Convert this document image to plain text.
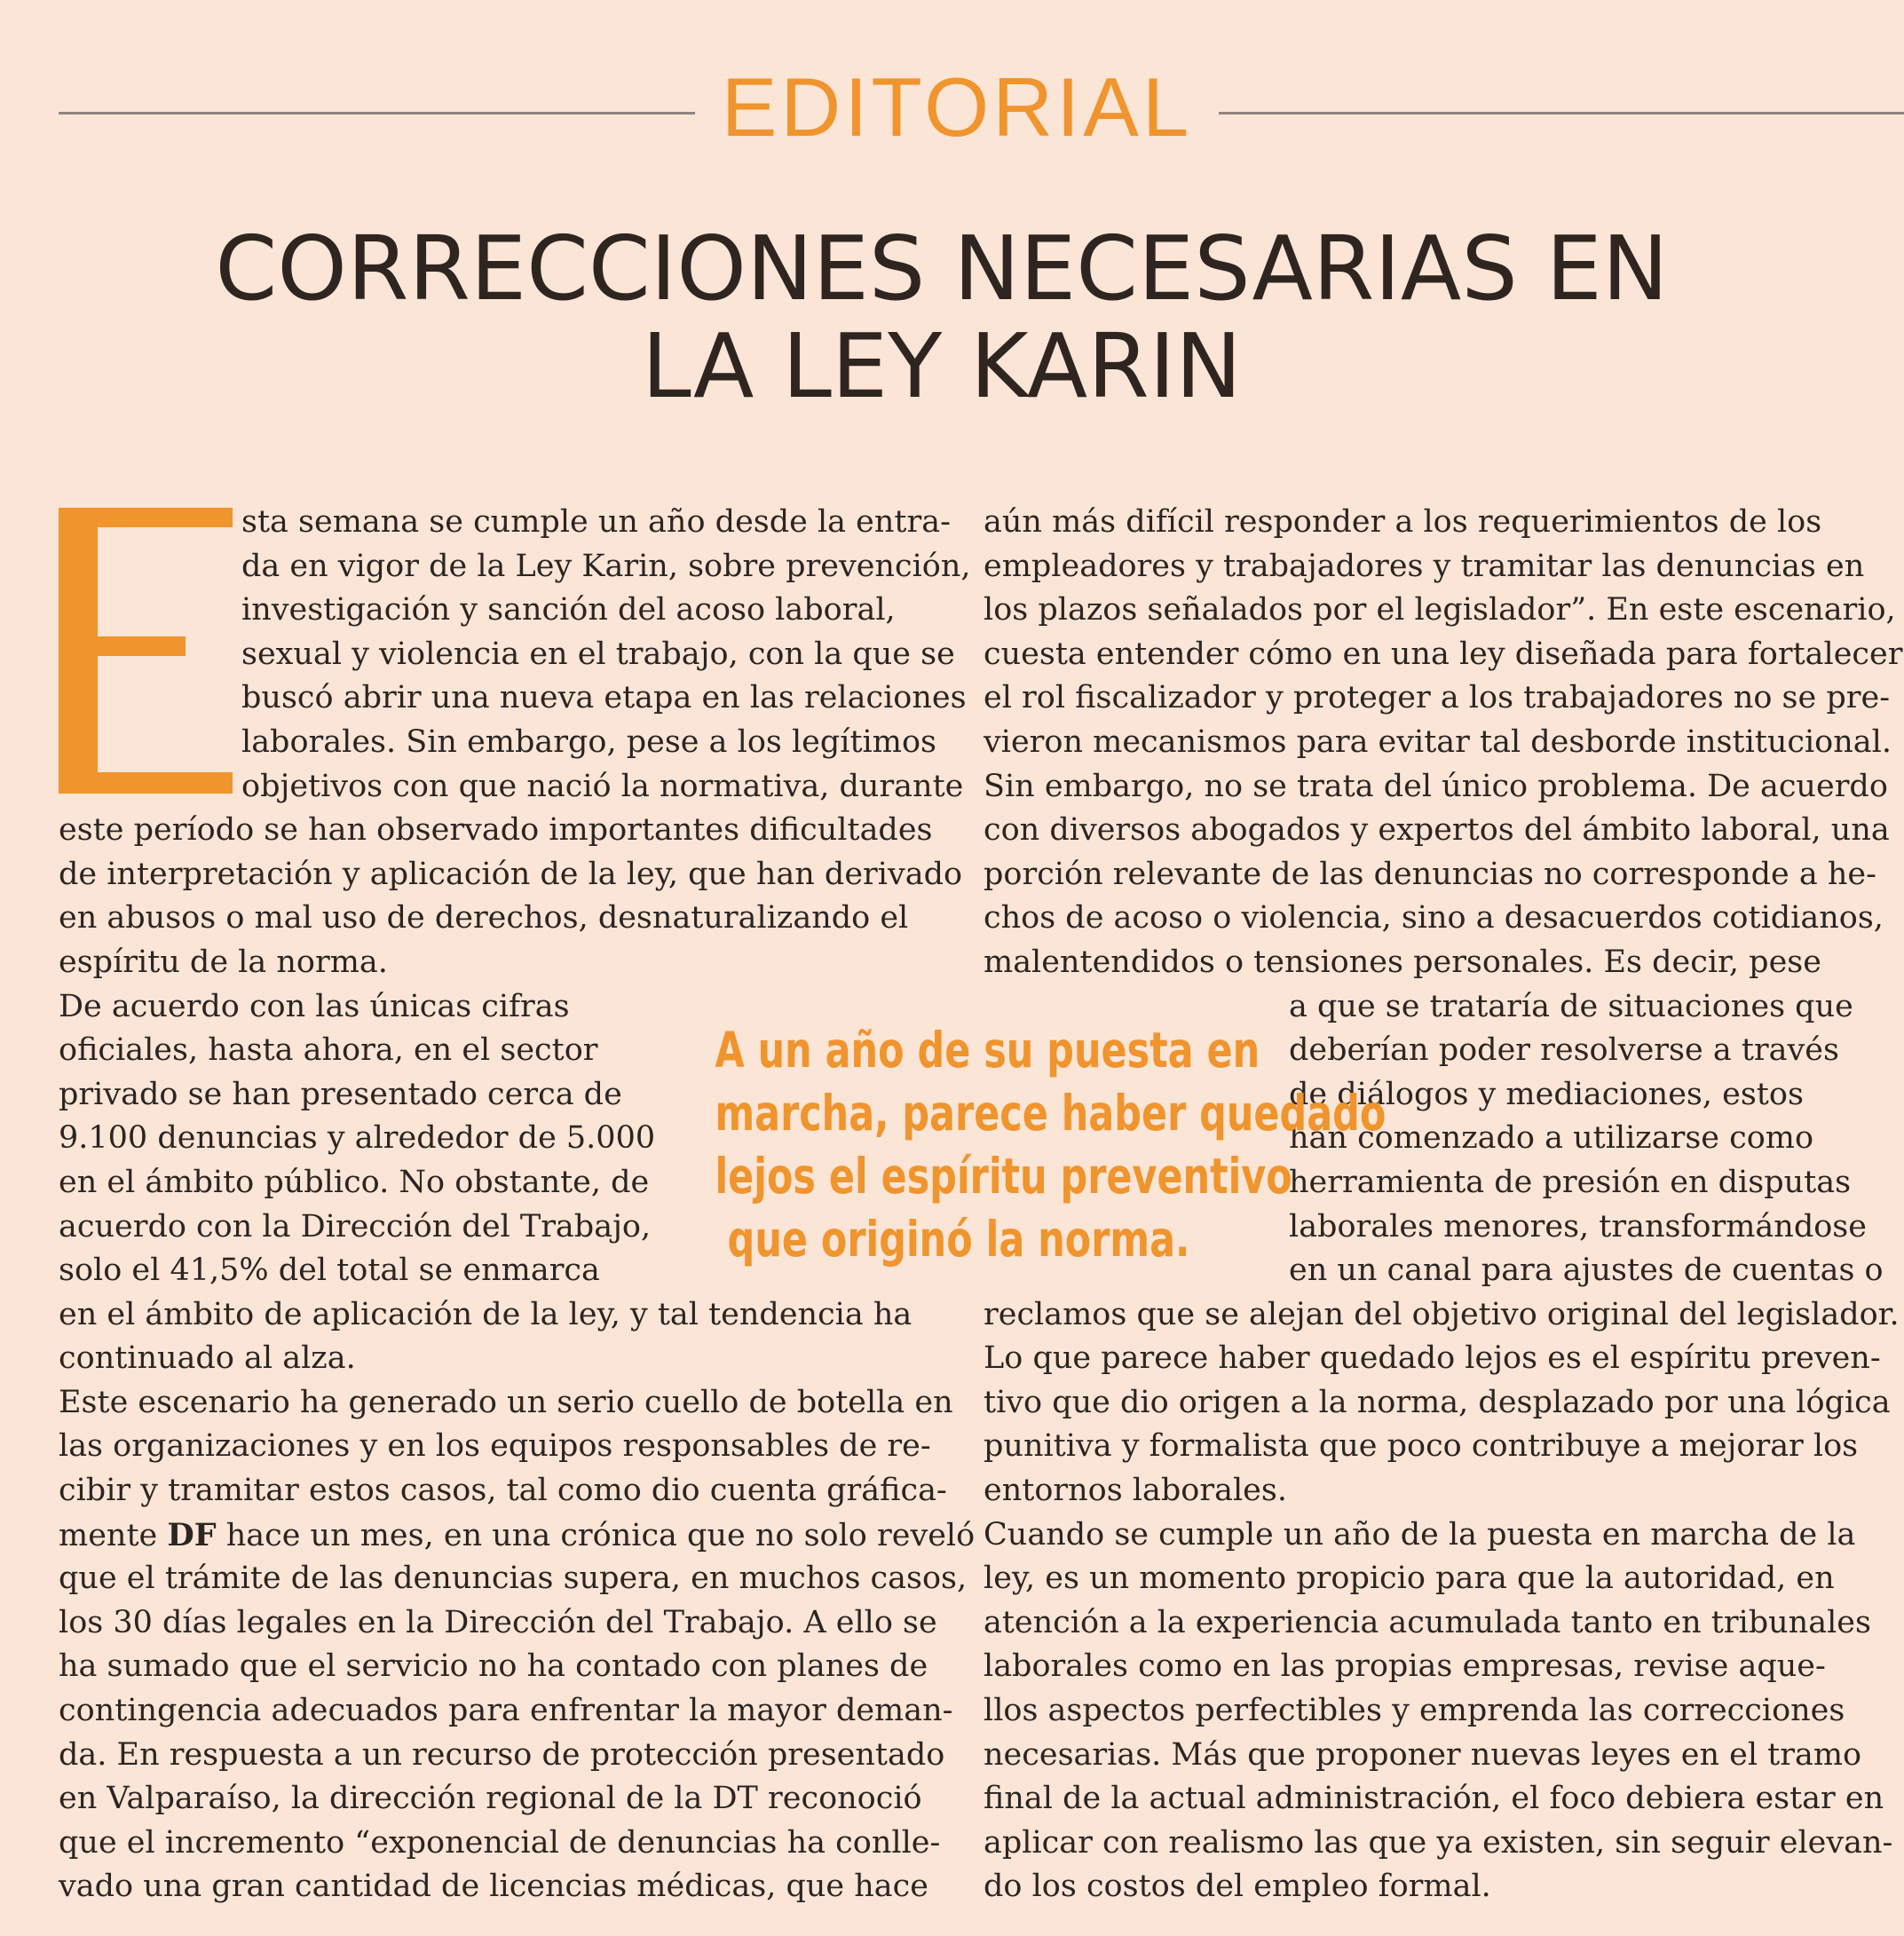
EDITORIAL
CORRECCIONES NECESARIAS EN
LA LEY KARIN
sta semana se cumple un año desde la entra-
da en vigor de la Ley Karin, sobre prevención,
investigación y sanción del acoso laboral,
sexual y violencia en el trabajo, con la que se
buscó abrir una nueva etapa en las relaciones
laborales. Sin embargo, pese a los legítimos
objetivos con que nació la normativa, durante
este período se han observado importantes dificultades
de interpretación y aplicación de la ley, que han derivado
en abusos o mal uso de derechos, desnaturalizando el
espíritu de la norma.
De acuerdo con las únicas cifras
oficiales, hasta ahora, en el sector
privado se han presentado cerca de
9.100 denuncias y alrededor de 5.000
en el ámbito público. No obstante, de
acuerdo con la Dirección del Trabajo,
solo el 41,5% del total se enmarca
en el ámbito de aplicación de la ley, y tal tendencia ha
continuado al alza.
Este escenario ha generado un serio cuello de botella en
las organizaciones y en los equipos responsables de re-
cibir y tramitar estos casos, tal como dio cuenta gráfica-
mente DF hace un mes, en una crónica que no solo reveló
que el trámite de las denuncias supera, en muchos casos,
los 30 días legales en la Dirección del Trabajo. A ello se
ha sumado que el servicio no ha contado con planes de
contingencia adecuados para enfrentar la mayor deman-
da. En respuesta a un recurso de protección presentado
en Valparaíso, la dirección regional de la DT reconoció
que el incremento “exponencial de denuncias ha conlle-
vado una gran cantidad de licencias médicas, que hace
aún más difícil responder a los requerimientos de los
empleadores y trabajadores y tramitar las denuncias en
los plazos señalados por el legislador”. En este escenario,
cuesta entender cómo en una ley diseñada para fortalecer
el rol fiscalizador y proteger a los trabajadores no se pre-
vieron mecanismos para evitar tal desborde institucional.
Sin embargo, no se trata del único problema. De acuerdo
con diversos abogados y expertos del ámbito laboral, una
porción relevante de las denuncias no corresponde a he-
chos de acoso o violencia, sino a desacuerdos cotidianos,
malentendidos o tensiones personales. Es decir, pese
a que se trataría de situaciones que
deberían poder resolverse a través
de diálogos y mediaciones, estos
han comenzado a utilizarse como
herramienta de presión en disputas
laborales menores, transformándose
en un canal para ajustes de cuentas o
reclamos que se alejan del objetivo original del legislador.
Lo que parece haber quedado lejos es el espíritu preven-
tivo que dio origen a la norma, desplazado por una lógica
punitiva y formalista que poco contribuye a mejorar los
entornos laborales.
Cuando se cumple un año de la puesta en marcha de la
ley, es un momento propicio para que la autoridad, en
atención a la experiencia acumulada tanto en tribunales
laborales como en las propias empresas, revise aque-
llos aspectos perfectibles y emprenda las correcciones
necesarias. Más que proponer nuevas leyes en el tramo
final de la actual administración, el foco debiera estar en
aplicar con realismo las que ya existen, sin seguir elevan-
do los costos del empleo formal.
A un año de su puesta en
marcha, parece haber quedado
lejos el espíritu preventivo
que originó la norma.
